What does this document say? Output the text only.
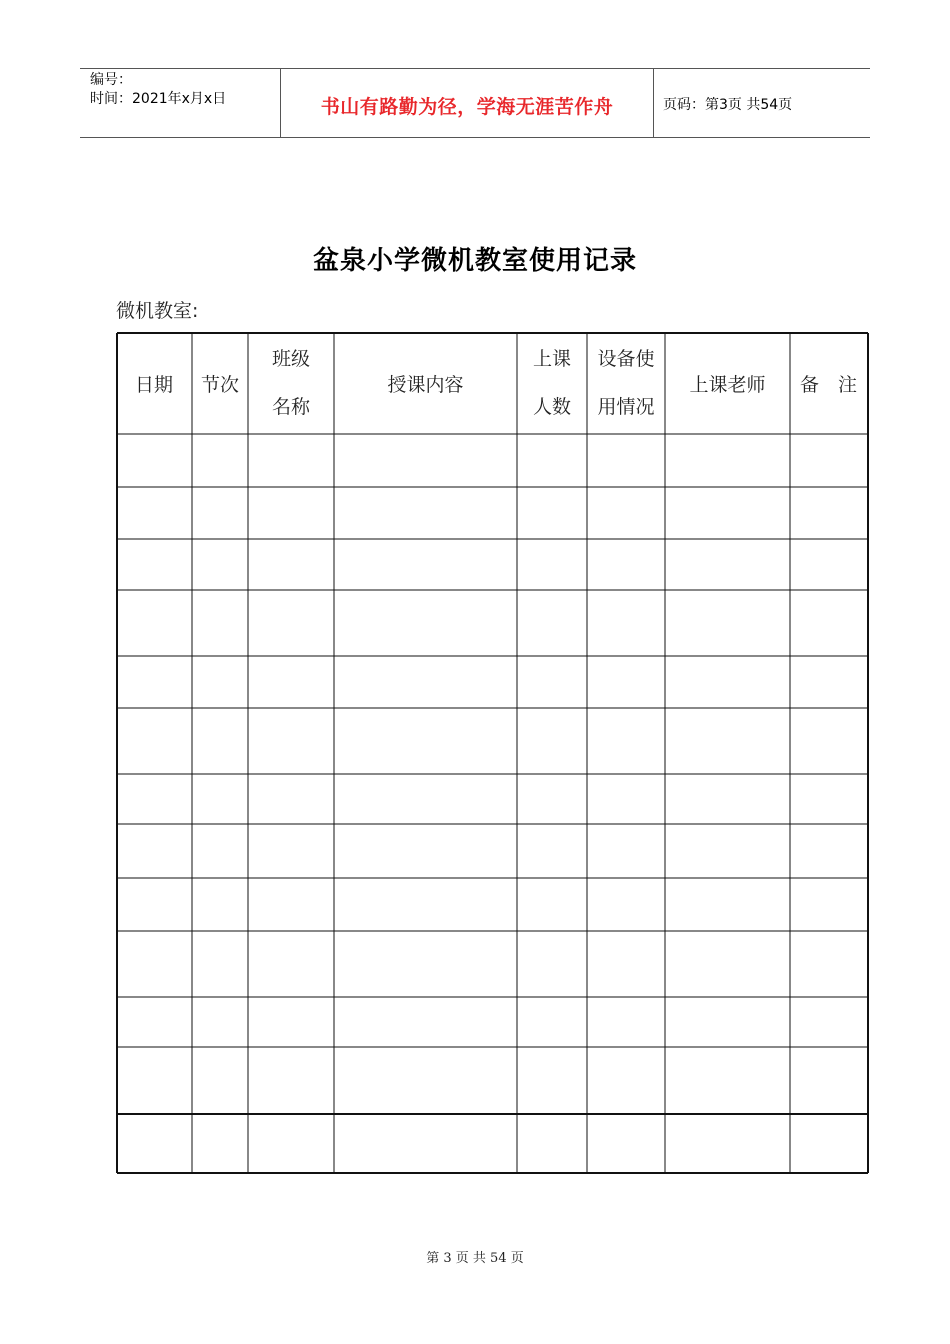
编号：
时间：2021年x月x日	书山有路勤为径，学海无涯苦作舟	页码：第3页 共54页
盆泉小学微机教室使用记录
微机教室:
日期 节次
班级
名称
授课内容
上课
人数
设备使
用情况
上课老师 备　注
第 3 页 共 54 页
